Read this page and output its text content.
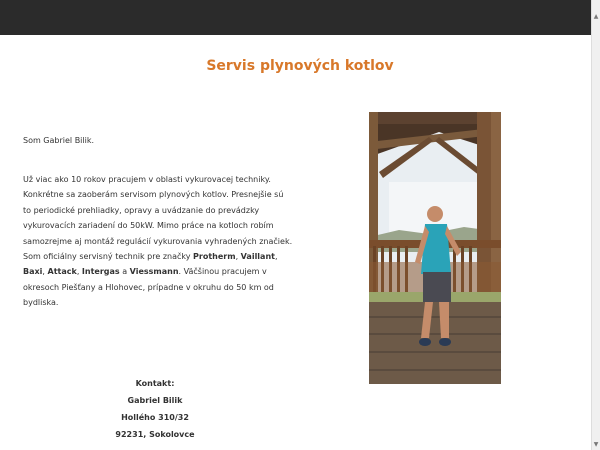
Servis plynových kotlov

Som Gabriel Bilik.

Už viac ako 10 rokov pracujem v oblasti vykurovacej techniky. Konkrétne sa zaoberám servisom plynových kotlov. Presnejšie sú to periodické prehliadky, opravy a uvádzanie do prevádzky vykurovacích zariadení do 50kW. Mimo práce na kotloch robím samozrejme aj montáž regulácií vykurovania vyhradených značiek. Som oficiálny servisný technik pre značky Protherm, Vaillant, Baxi, Attack, Intergas a Viessmann. Väčšinou pracujem v okresoch Piešťany a Hlohovec, prípadne v okruhu do 50 km od bydliska.

Kontakt:
Gabriel Bilik
Hollého 310/32
92231, Sokolovce
▲
▼
